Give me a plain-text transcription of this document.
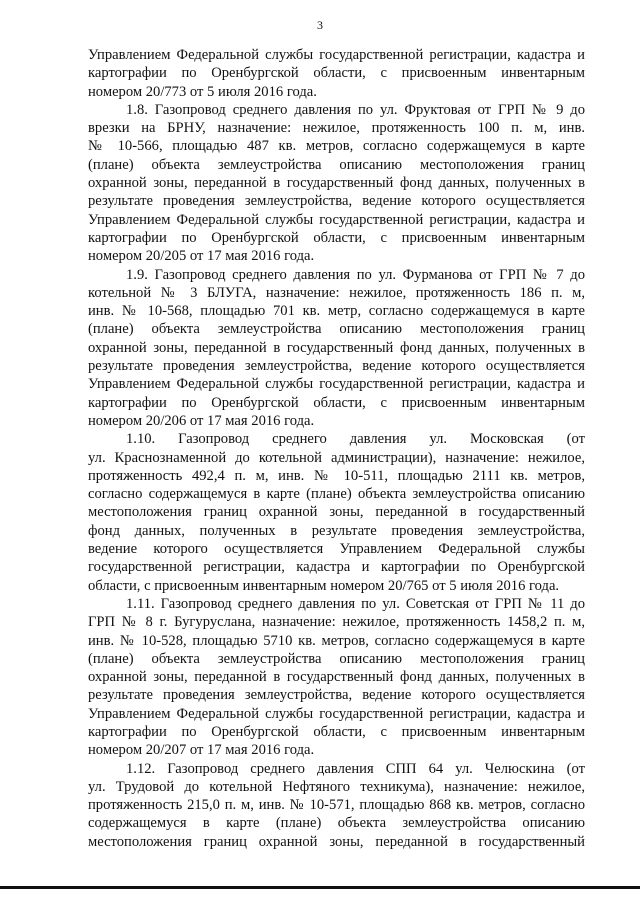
3
Управлением Федеральной службы государственной регистрации, кадастра и
картографии по Оренбургской области, с присвоенным инвентарным
номером 20/773 от 5 июля 2016 года.
1.8. Газопровод среднего давления по ул. Фруктовая от ГРП № 9 до
врезки на БРНУ, назначение: нежилое, протяженность 100 п. м, инв.
№ 10-566, площадью 487 кв. метров, согласно содержащемуся в карте
(плане) объекта землеустройства описанию местоположения границ
охранной зоны, переданной в государственный фонд данных, полученных в
результате проведения землеустройства, ведение которого осуществляется
Управлением Федеральной службы государственной регистрации, кадастра и
картографии по Оренбургской области, с присвоенным инвентарным
номером 20/205 от 17 мая 2016 года.
1.9. Газопровод среднего давления по ул. Фурманова от ГРП № 7 до
котельной № 3 БЛУГА, назначение: нежилое, протяженность 186 п. м,
инв. № 10-568, площадью 701 кв. метр, согласно содержащемуся в карте
(плане) объекта землеустройства описанию местоположения границ
охранной зоны, переданной в государственный фонд данных, полученных в
результате проведения землеустройства, ведение которого осуществляется
Управлением Федеральной службы государственной регистрации, кадастра и
картографии по Оренбургской области, с присвоенным инвентарным
номером 20/206 от 17 мая 2016 года.
1.10. Газопровод среднего давления ул. Московская (от
ул. Краснознаменной до котельной администрации), назначение: нежилое,
протяженность 492,4 п. м, инв. № 10-511, площадью 2111 кв. метров,
согласно содержащемуся в карте (плане) объекта землеустройства описанию
местоположения границ охранной зоны, переданной в государственный
фонд данных, полученных в результате проведения землеустройства,
ведение которого осуществляется Управлением Федеральной службы
государственной регистрации, кадастра и картографии по Оренбургской
области, с присвоенным инвентарным номером 20/765 от 5 июля 2016 года.
1.11. Газопровод среднего давления по ул. Советская от ГРП № 11 до
ГРП № 8 г. Бугуруслана, назначение: нежилое, протяженность 1458,2 п. м,
инв. № 10-528, площадью 5710 кв. метров, согласно содержащемуся в карте
(плане) объекта землеустройства описанию местоположения границ
охранной зоны, переданной в государственный фонд данных, полученных в
результате проведения землеустройства, ведение которого осуществляется
Управлением Федеральной службы государственной регистрации, кадастра и
картографии по Оренбургской области, с присвоенным инвентарным
номером 20/207 от 17 мая 2016 года.
1.12. Газопровод среднего давления СПП 64 ул. Челюскина (от
ул. Трудовой до котельной Нефтяного техникума), назначение: нежилое,
протяженность 215,0 п. м, инв. № 10-571, площадью 868 кв. метров, согласно
содержащемуся в карте (плане) объекта землеустройства описанию
местоположения границ охранной зоны, переданной в государственный
